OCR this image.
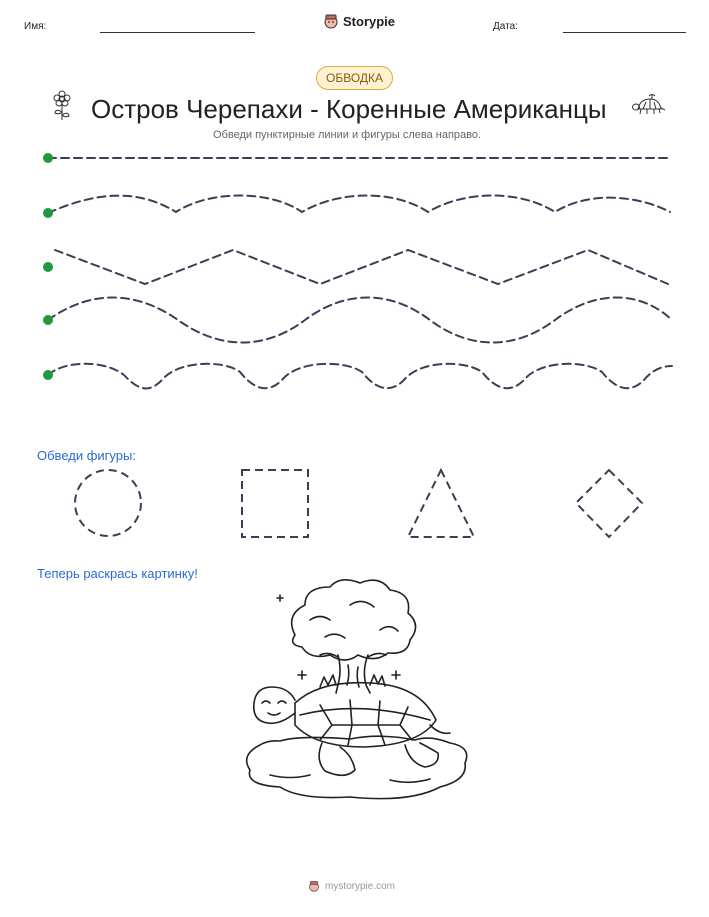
Имя:	Storypie	Дата:
ОБВОДКА
Остров Черепахи - Коренные Американцы
Обведи пунктирные линии и фигуры слева направо.
Обведи фигуры:
Теперь раскрась картинку!
mystorypie.com
